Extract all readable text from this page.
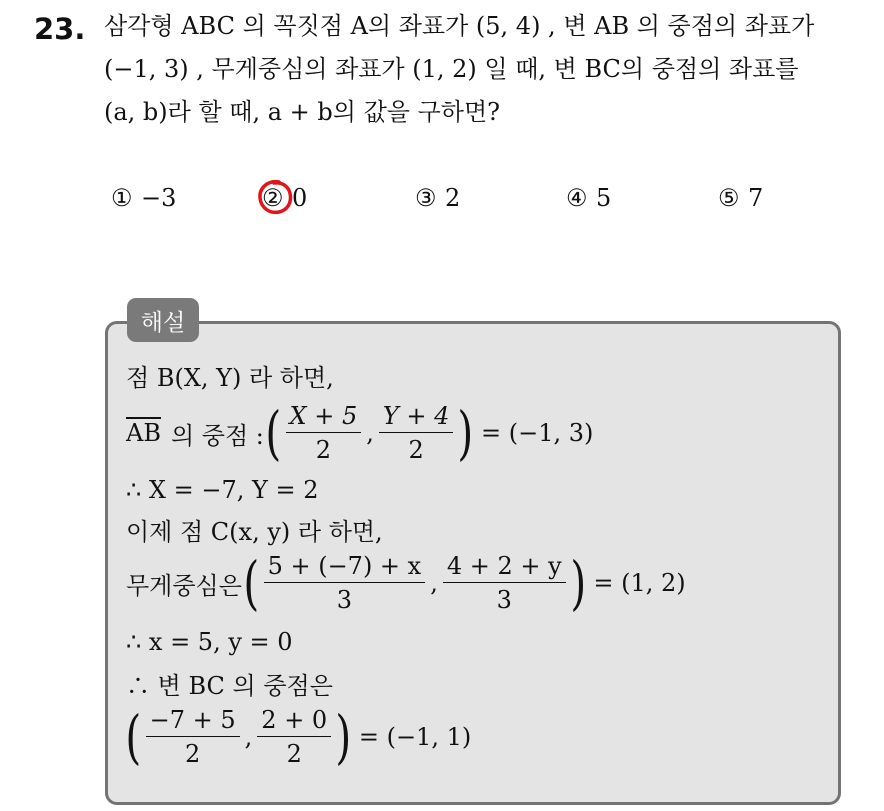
23. 삼각형 ABC 의 꼭짓점 A의 좌표가 (5, 4) , 변 AB 의 중점의 좌표가
(−1, 3) , 무게중심의 좌표가 (1, 2) 일 때, 변 BC의 중점의 좌표를
(a, b)라 할 때, a + b의 값을 구하면?
① −3	② 0	③ 2	④ 5	⑤ 7
해설
점 B(X, Y) 라 하면,
$\overline{AB}$ 의 중점 : ( $\frac{X + 5}{2}$ , $\frac{Y + 4}{2}$ ) = (−1, 3)
∴ X = −7, Y = 2
이제 점 C(x, y) 라 하면,
무게중심은 ( $\frac{5 + (-7) + x}{3}$ , $\frac{4 + 2 + y}{3}$ ) = (1, 2)
∴ x = 5, y = 0
∴ 변 BC 의 중점은
( $\frac{-7 + 5}{2}$ , $\frac{2 + 0}{2}$ ) = (−1, 1)
